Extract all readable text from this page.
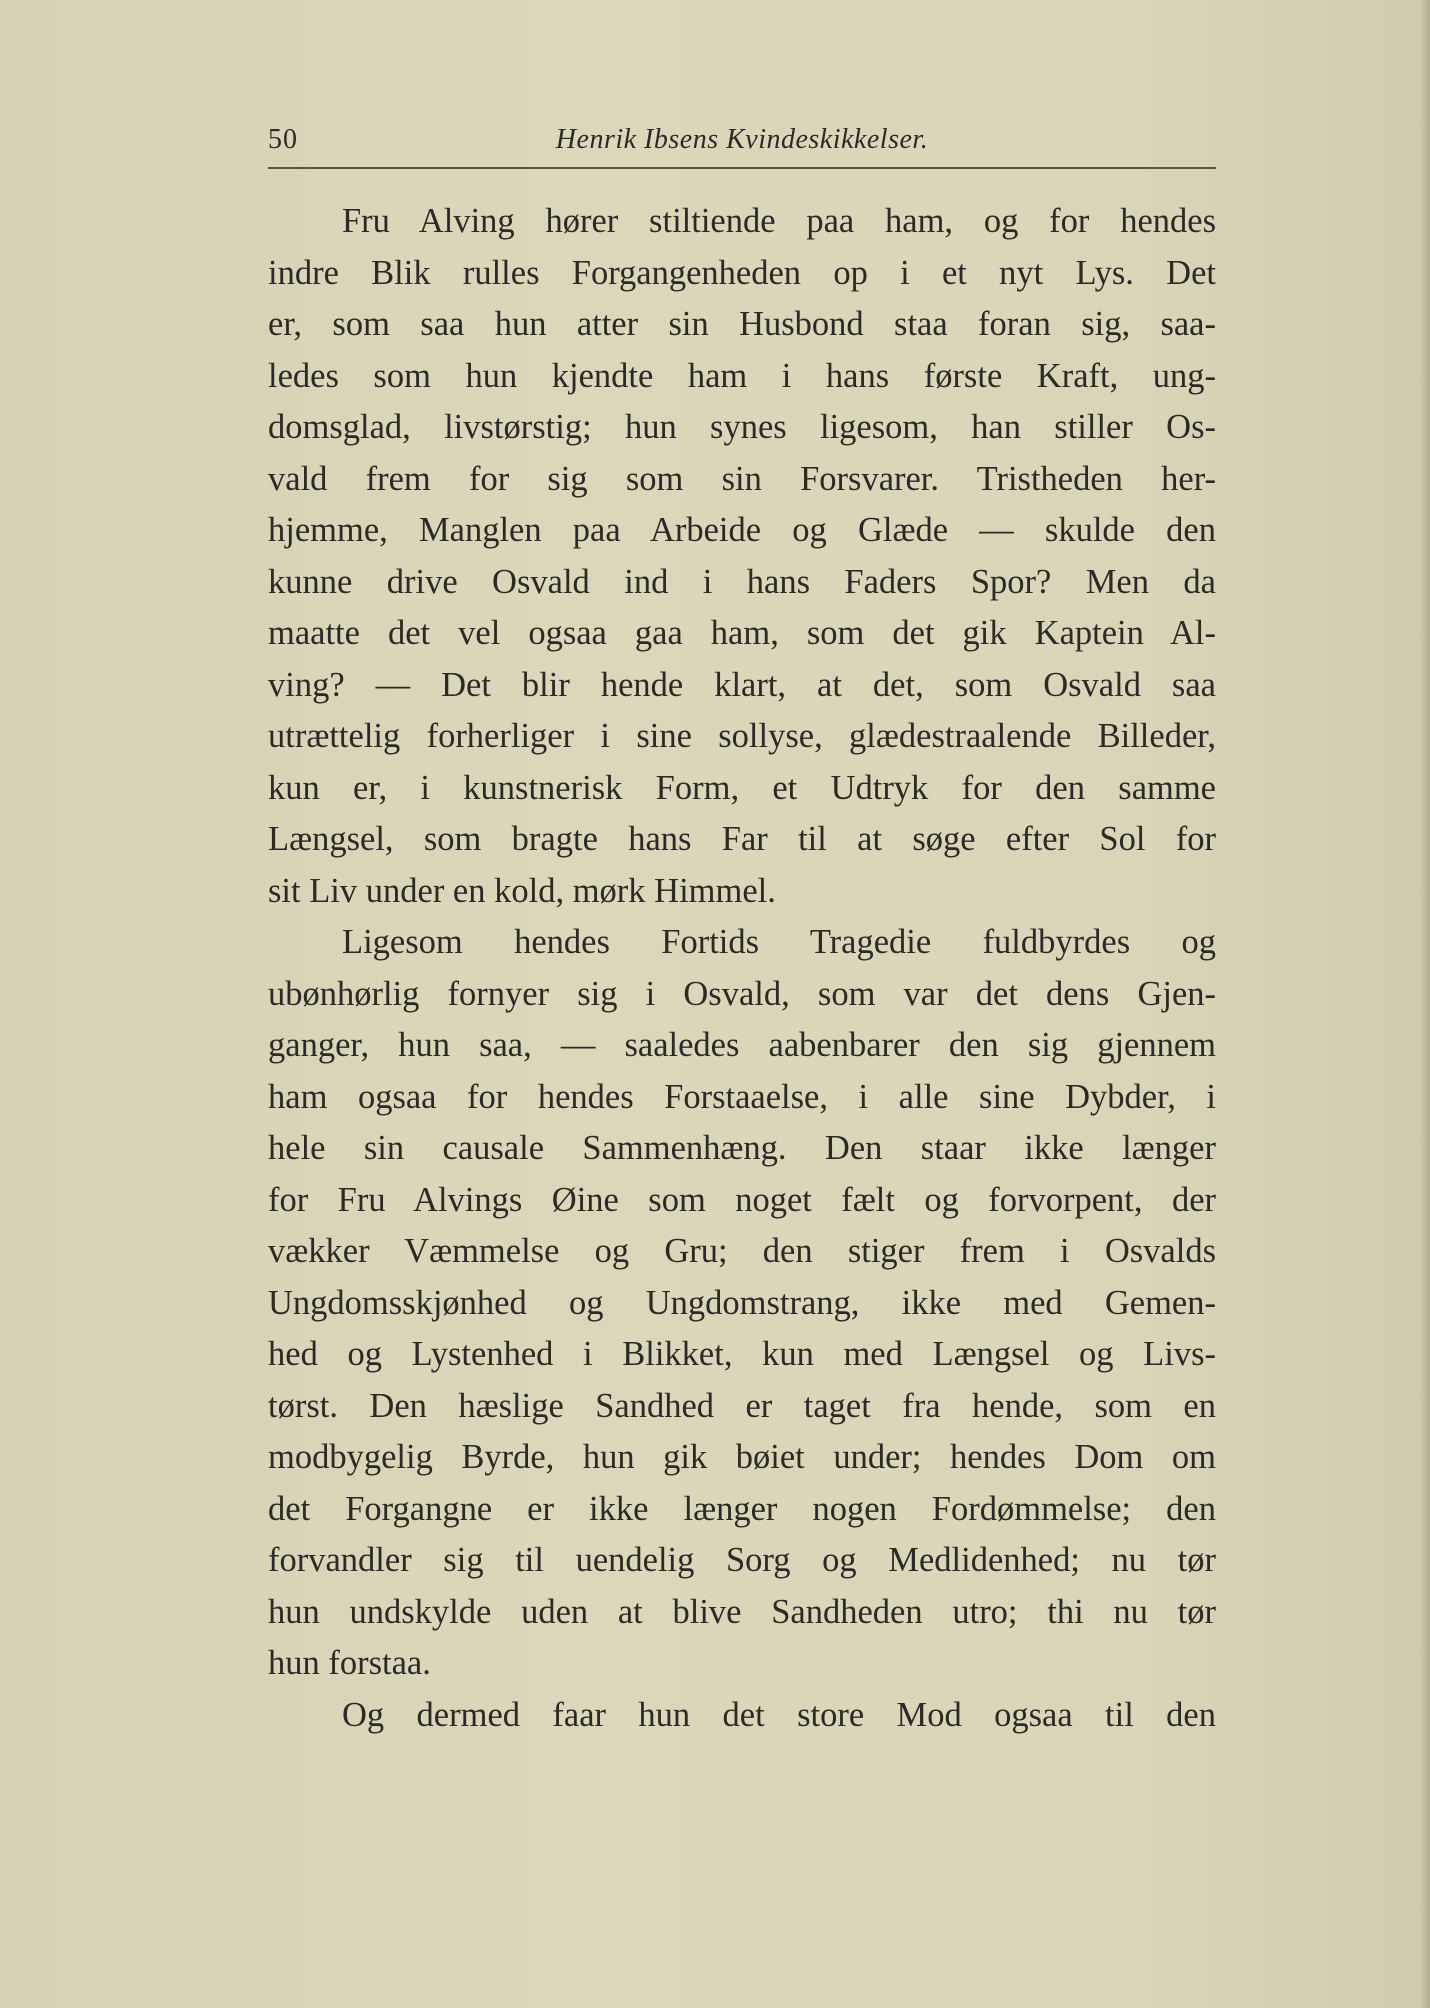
50	Henrik Ibsens Kvindeskikkelser.
Fru Alving hører stiltiende paa ham, og for hendes
indre Blik rulles Forgangenheden op i et nyt Lys. Det
er, som saa hun atter sin Husbond staa foran sig, saa-
ledes som hun kjendte ham i hans første Kraft, ung-
domsglad, livstørstig; hun synes ligesom, han stiller Os-
vald frem for sig som sin Forsvarer. Tristheden her-
hjemme, Manglen paa Arbeide og Glæde — skulde den
kunne drive Osvald ind i hans Faders Spor? Men da
maatte det vel ogsaa gaa ham, som det gik Kaptein Al-
ving? — Det blir hende klart, at det, som Osvald saa
utrættelig forherliger i sine sollyse, glædestraalende Billeder,
kun er, i kunstnerisk Form, et Udtryk for den samme
Længsel, som bragte hans Far til at søge efter Sol for
sit Liv under en kold, mørk Himmel.
Ligesom hendes Fortids Tragedie fuldbyrdes og
ubønhørlig fornyer sig i Osvald, som var det dens Gjen-
ganger, hun saa, — saaledes aabenbarer den sig gjennem
ham ogsaa for hendes Forstaaelse, i alle sine Dybder, i
hele sin causale Sammenhæng. Den staar ikke længer
for Fru Alvings Øine som noget fælt og forvorpent, der
vækker Væmmelse og Gru; den stiger frem i Osvalds
Ungdomsskjønhed og Ungdomstrang, ikke med Gemen-
hed og Lystenhed i Blikket, kun med Længsel og Livs-
tørst. Den hæslige Sandhed er taget fra hende, som en
modbygelig Byrde, hun gik bøiet under; hendes Dom om
det Forgangne er ikke længer nogen Fordømmelse; den
forvandler sig til uendelig Sorg og Medlidenhed; nu tør
hun undskylde uden at blive Sandheden utro; thi nu tør
hun forstaa.
Og dermed faar hun det store Mod ogsaa til den
